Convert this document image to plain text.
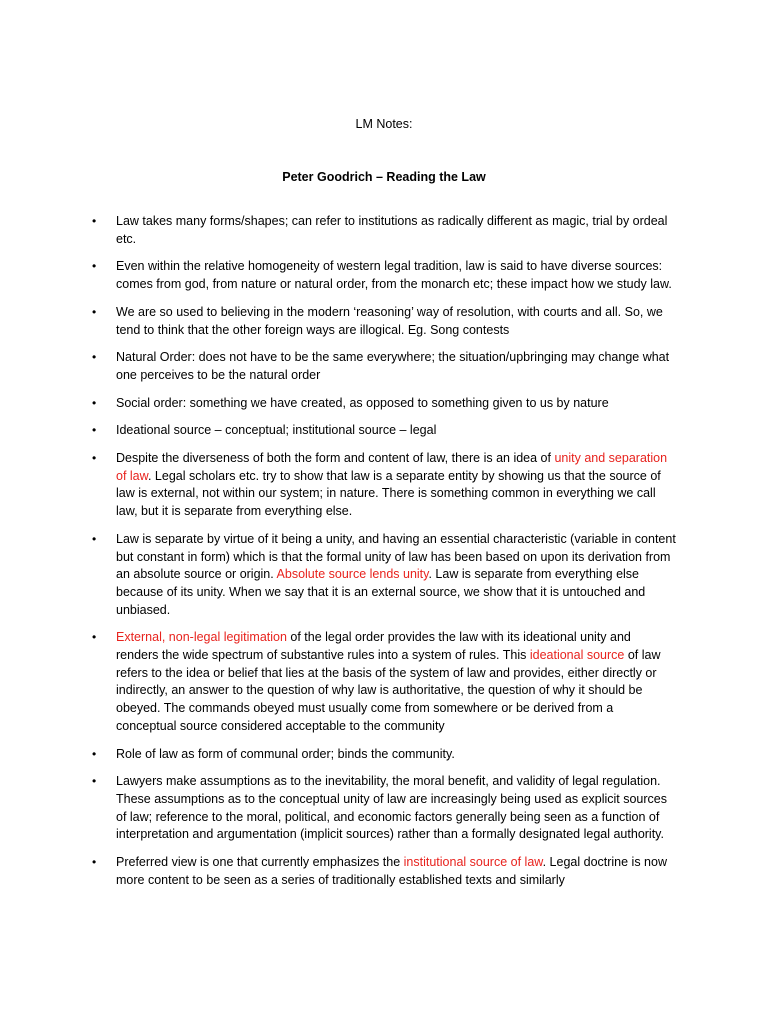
LM Notes:

Peter Goodrich – Reading the Law

• Law takes many forms/shapes; can refer to institutions as radically different as magic, trial by ordeal etc.
• Even within the relative homogeneity of western legal tradition, law is said to have diverse sources: comes from god, from nature or natural order, from the monarch etc; these impact how we study law.
• We are so used to believing in the modern ‘reasoning’ way of resolution, with courts and all. So, we tend to think that the other foreign ways are illogical. Eg. Song contests
• Natural Order: does not have to be the same everywhere; the situation/upbringing may change what one perceives to be the natural order
• Social order: something we have created, as opposed to something given to us by nature
• Ideational source – conceptual; institutional source – legal
• Despite the diverseness of both the form and content of law, there is an idea of unity and separation of law. Legal scholars etc. try to show that law is a separate entity by showing us that the source of law is external, not within our system; in nature. There is something common in everything we call law, but it is separate from everything else.
• Law is separate by virtue of it being a unity, and having an essential characteristic (variable in content but constant in form) which is that the formal unity of law has been based on upon its derivation from an absolute source or origin. Absolute source lends unity. Law is separate from everything else because of its unity. When we say that it is an external source, we show that it is untouched and unbiased.
• External, non-legal legitimation of the legal order provides the law with its ideational unity and renders the wide spectrum of substantive rules into a system of rules. This ideational source of law refers to the idea or belief that lies at the basis of the system of law and provides, either directly or indirectly, an answer to the question of why law is authoritative, the question of why it should be obeyed. The commands obeyed must usually come from somewhere or be derived from a conceptual source considered acceptable to the community
• Role of law as form of communal order; binds the community.
• Lawyers make assumptions as to the inevitability, the moral benefit, and validity of legal regulation. These assumptions as to the conceptual unity of law are increasingly being used as explicit sources of law; reference to the moral, political, and economic factors generally being seen as a function of interpretation and argumentation (implicit sources) rather than a formally designated legal authority.
• Preferred view is one that currently emphasizes the institutional source of law. Legal doctrine is now more content to be seen as a series of traditionally established texts and similarly
